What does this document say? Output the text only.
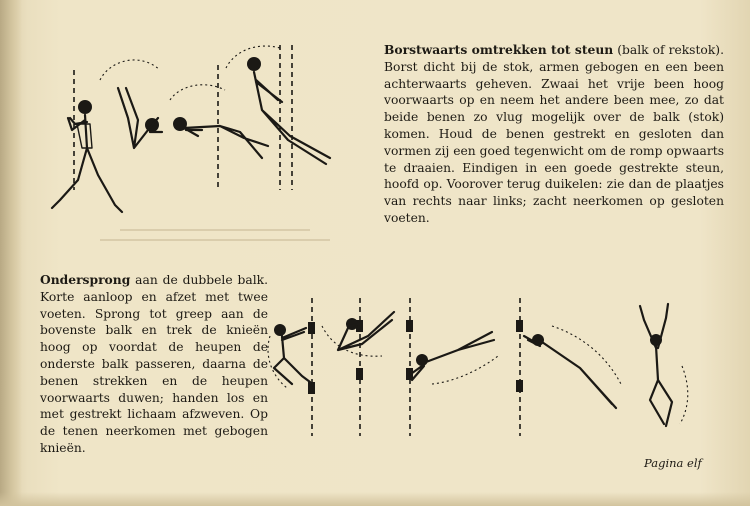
Borstwaarts omtrekken tot steun (balk of rekstok). Borst dicht bij de stok, armen gebogen en een been achterwaarts geheven. Zwaai het vrije been hoog voorwaarts op en neem het andere been mee, zo dat beide benen zo vlug mogelijk over de balk (stok) komen. Houd de benen gestrekt en gesloten dan vormen zij een goed tegenwicht om de romp opwaarts te draaien. Eindigen in een goede gestrekte steun, hoofd op. Voorover terug duikelen: zie dan de plaatjes van rechts naar links; zacht neerkomen op gesloten voeten.
Ondersprong aan de dubbele balk. Korte aanloop en afzet met twee voeten. Sprong tot greep aan de bovenste balk en trek de knieën hoog op voordat de heupen de onderste balk passeren, daarna de benen strekken en de heupen voorwaarts duwen; handen los en met gestrekt lichaam afzweven. Op de tenen neerkomen met gebogen knieën.
Pagina elf
